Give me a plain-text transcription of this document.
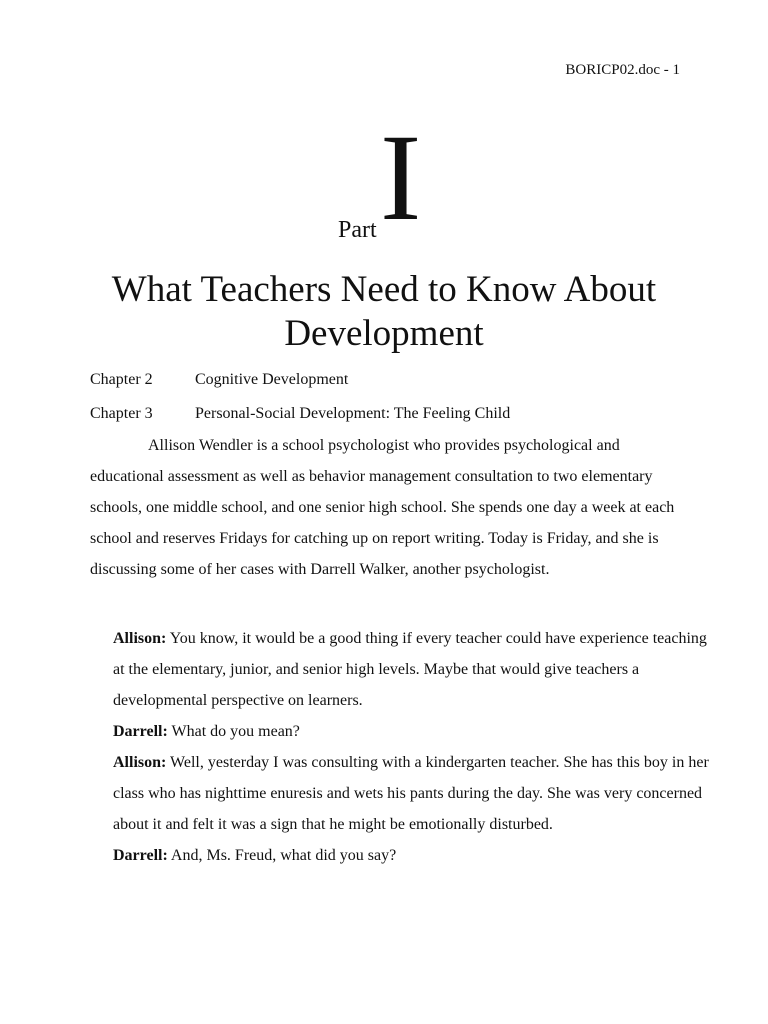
BORICP02.doc - 1
Part I
What Teachers Need to Know About Development
Chapter 2	Cognitive Development
Chapter 3	Personal-Social Development: The Feeling Child

Allison Wendler is a school psychologist who provides psychological and educational assessment as well as behavior management consultation to two elementary schools, one middle school, and one senior high school. She spends one day a week at each school and reserves Fridays for catching up on report writing. Today is Friday, and she is discussing some of her cases with Darrell Walker, another psychologist.

Allison: You know, it would be a good thing if every teacher could have experience teaching at the elementary, junior, and senior high levels. Maybe that would give teachers a developmental perspective on learners.

Darrell: What do you mean?

Allison: Well, yesterday I was consulting with a kindergarten teacher. She has this boy in her class who has nighttime enuresis and wets his pants during the day. She was very concerned about it and felt it was a sign that he might be emotionally disturbed.

Darrell: And, Ms. Freud, what did you say?
